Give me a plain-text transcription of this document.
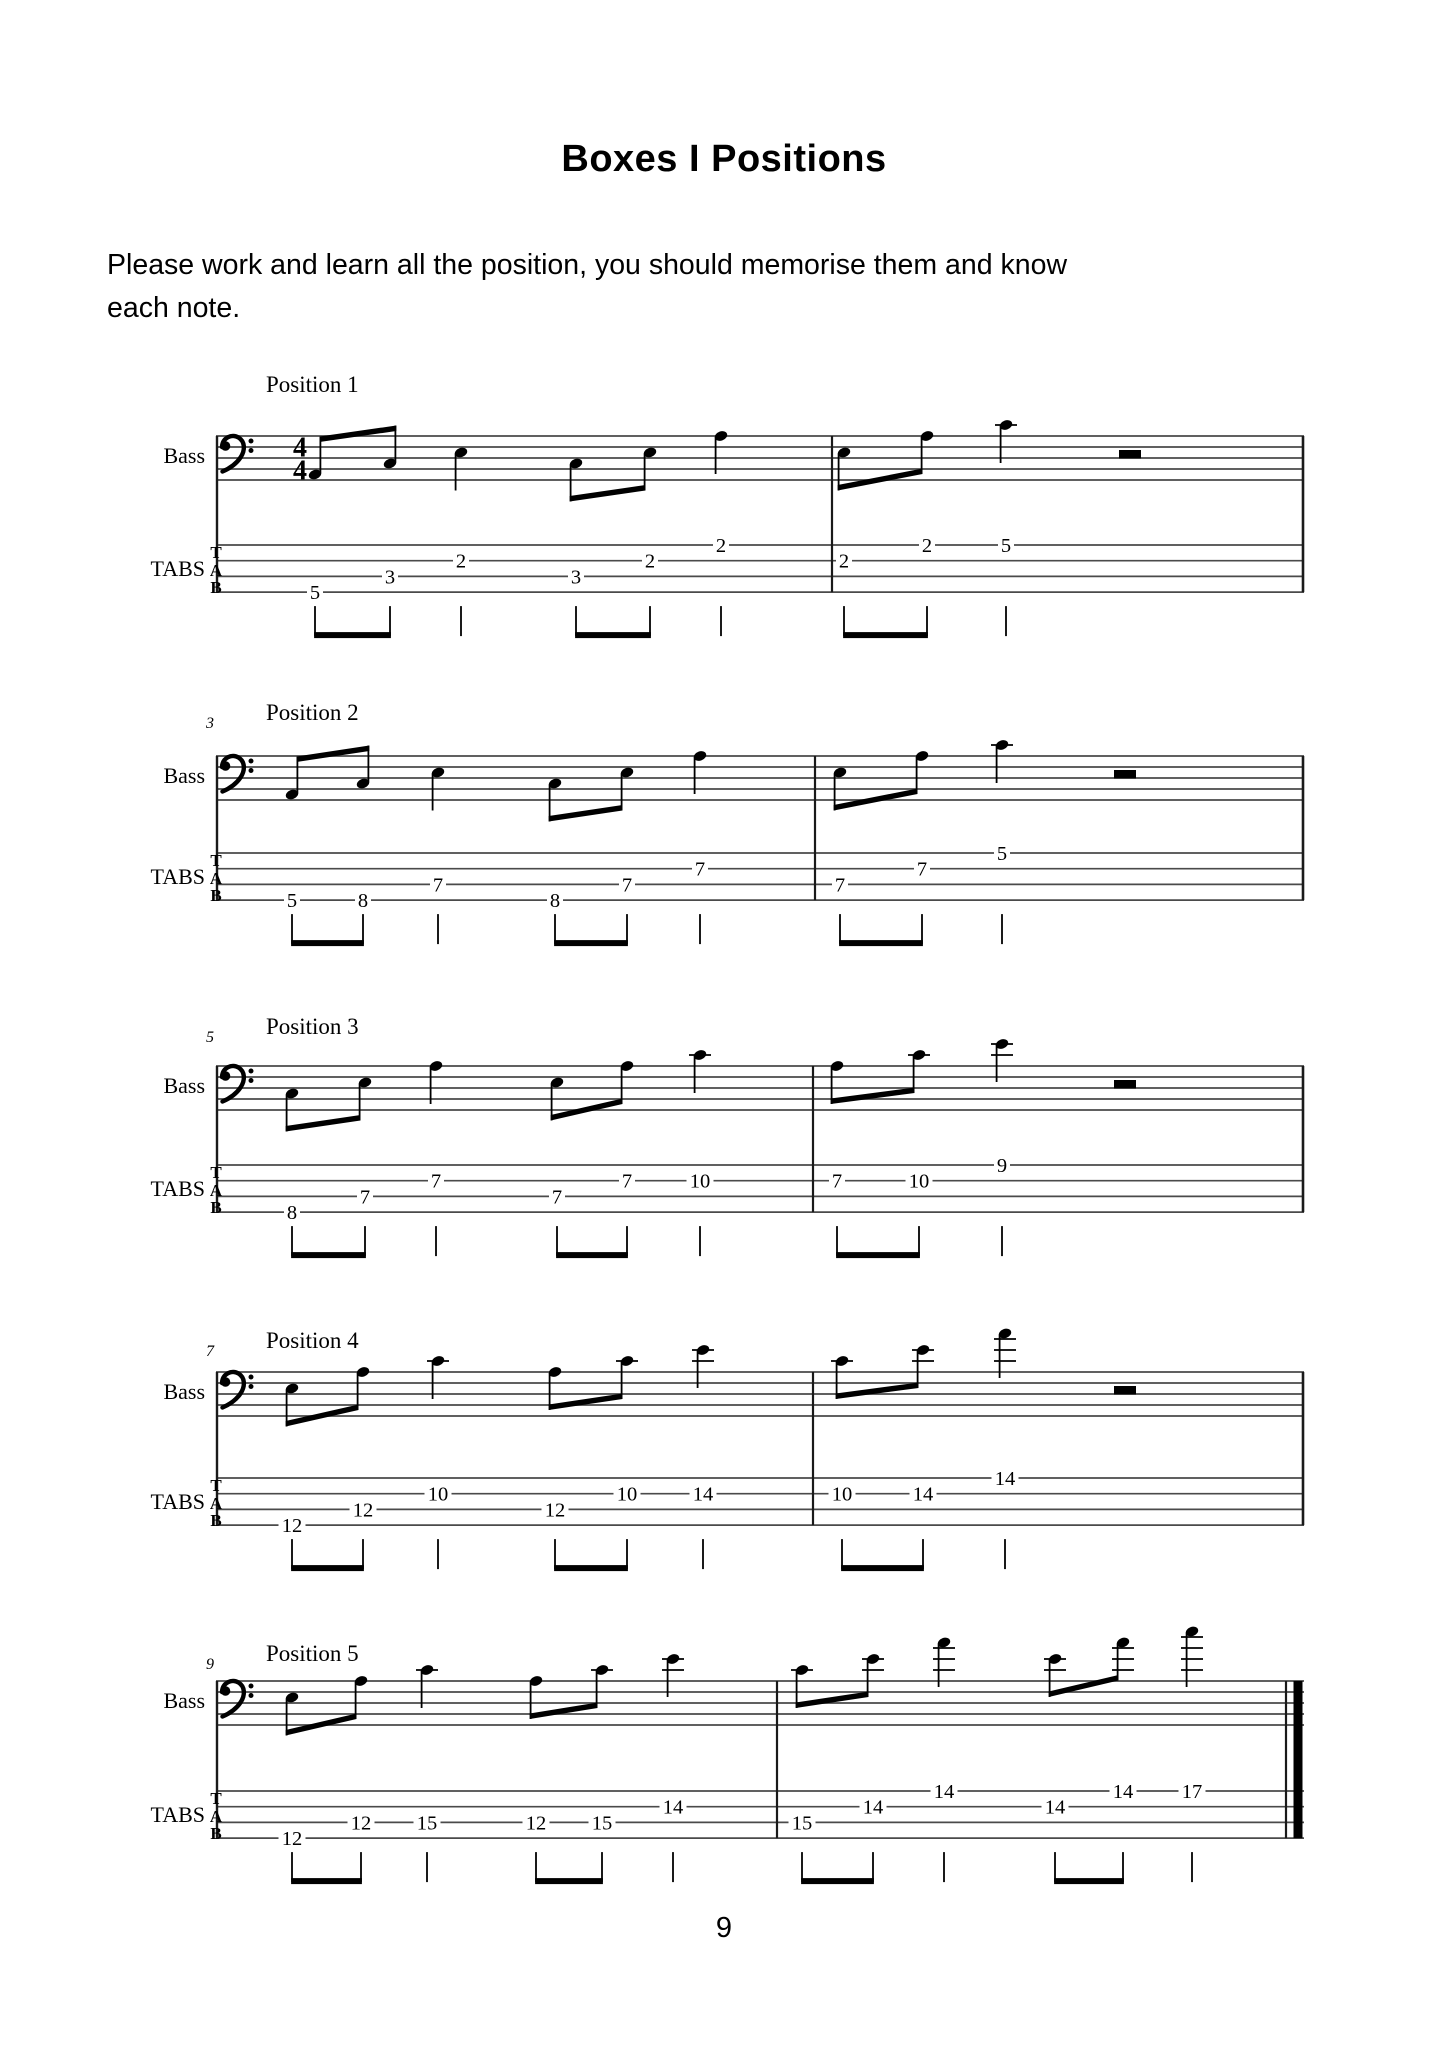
Boxes I Positions
Please work and learn all the position, you should memorise them and know
each note.
4
4
T
A
B	5
3
2
3
2
2
2
2	5
T
A
B	5	8
7
8
7
7
7
7
5
T
A
B	8
7
7
7
7	10	7	10
9
T
A
B	12
12
10
12
10	14	10	14
14
T
A
B	12
12 15	12 15
14
15
14
14
14
14 17
Bass
TABS
Position 1
Bass
TABS
Position 2
3
Bass
TABS
Position 3
5
Bass
TABS
Position 4
7
Bass
TABS
Position 5
9
9
